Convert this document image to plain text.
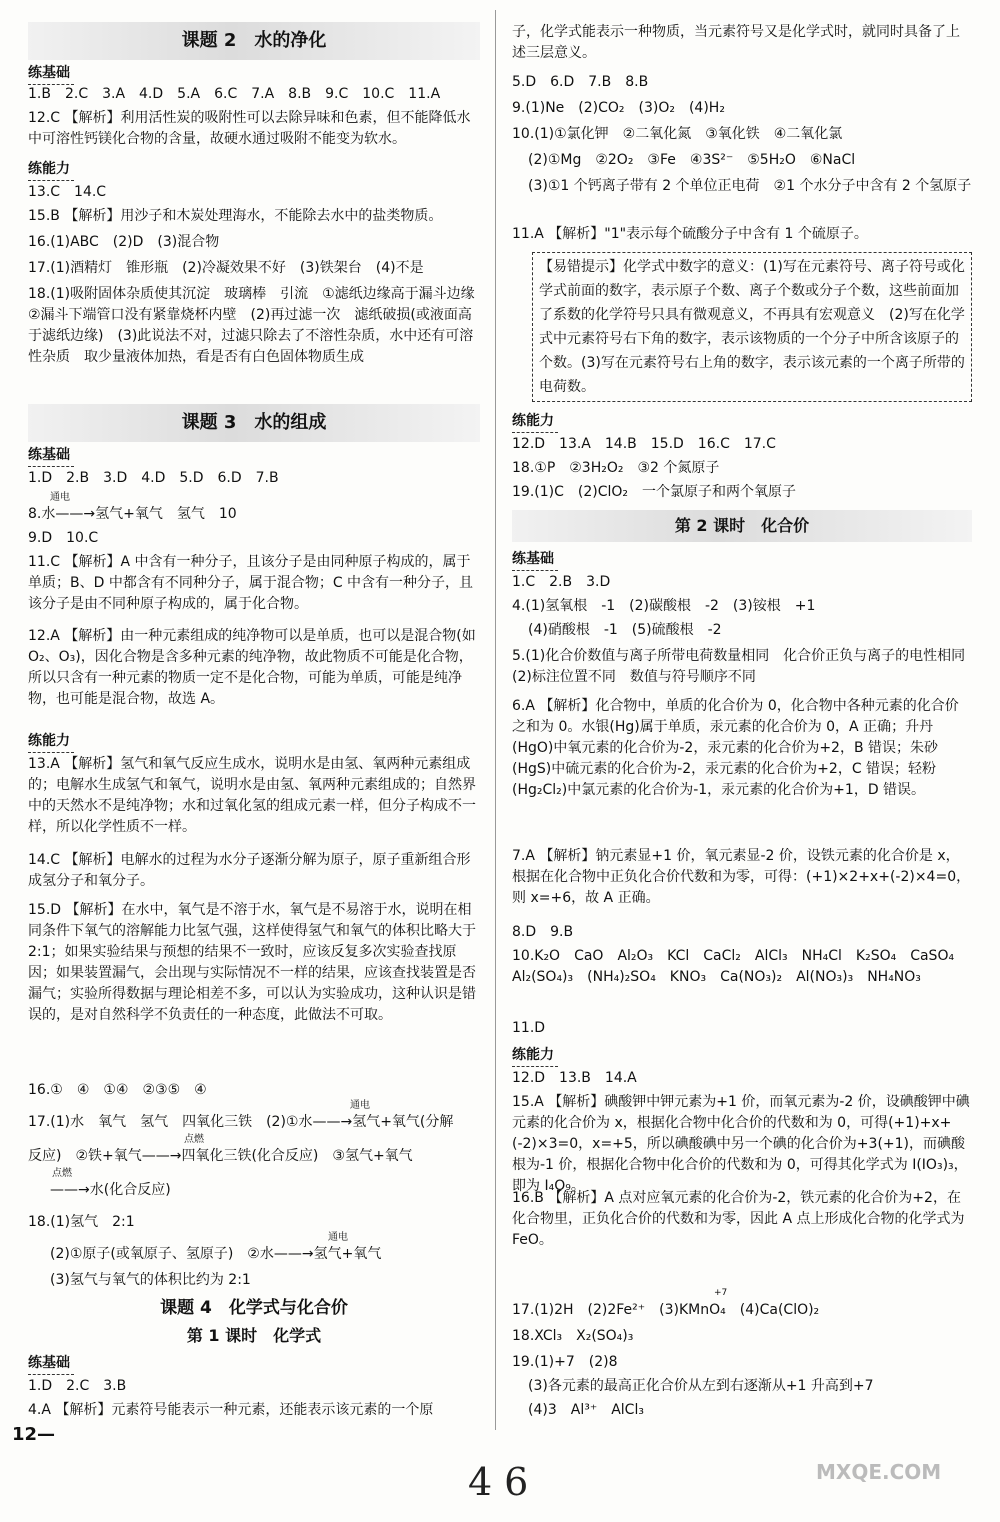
课题 2　水的净化
练基础
1.B　2.C　3.A　4.D　5.A　6.C　7.A　8.B　9.C　10.C　11.A
12.C 【解析】利用活性炭的吸附性可以去除异味和色素，但不能降低水中可溶性钙镁化合物的含量，故硬水通过吸附不能变为软水。
练能力
13.C　14.C
15.B 【解析】用沙子和木炭处理海水，不能除去水中的盐类物质。
16.(1)ABC　(2)D　(3)混合物
17.(1)酒精灯　锥形瓶　(2)冷凝效果不好　(3)铁架台　(4)不是
18.(1)吸附固体杂质使其沉淀　玻璃棒　引流　①滤纸边缘高于漏斗边缘　②漏斗下端管口没有紧靠烧杯内壁　(2)再过滤一次　滤纸破损(或液面高于滤纸边缘)　(3)此说法不对，过滤只除去了不溶性杂质，水中还有可溶性杂质　取少量液体加热，看是否有白色固体物质生成
课题 3　水的组成
练基础
1.D　2.B　3.D　4.D　5.D　6.D　7.B
8.水——→氢气+氧气　氢气　10
通电
9.D　10.C
11.C 【解析】A 中含有一种分子，且该分子是由同种原子构成的，属于单质；B、D 中都含有不同种分子，属于混合物；C 中含有一种分子，且该分子是由不同种原子构成的，属于化合物。
12.A 【解析】由一种元素组成的纯净物可以是单质，也可以是混合物(如 O₂、O₃)，因化合物是含多种元素的纯净物，故此物质不可能是化合物，所以只含有一种元素的物质一定不是化合物，可能为单质，可能是纯净物，也可能是混合物，故选 A。
练能力
13.A 【解析】氢气和氧气反应生成水，说明水是由氢、氧两种元素组成的；电解水生成氢气和氧气，说明水是由氢、氧两种元素组成的；自然界中的天然水不是纯净物；水和过氧化氢的组成元素一样，但分子构成不一样，所以化学性质不一样。
14.C 【解析】电解水的过程为水分子逐渐分解为原子，原子重新组合形成氢分子和氧分子。
15.D 【解析】在水中，氧气是不溶于水，氧气是不易溶于水，说明在相同条件下氧气的溶解能力比氢气强，这样使得氢气和氧气的体积比略大于 2:1；如果实验结果与预想的结果不一致时，应该反复多次实验查找原因；如果装置漏气，会出现与实际情况不一样的结果，应该查找装置是否漏气；实验所得数据与理论相差不多，可以认为实验成功，这种认识是错误的，是对自然科学不负责任的一种态度，此做法不可取。
16.①　④　①④　②③⑤　④
17.(1)水　氧气　氢气　四氧化三铁　(2)①水——→氢气+氧气(分解
通电
反应)　②铁+氧气——→四氧化三铁(化合反应)　③氢气+氧气
点燃
——→水(化合反应)
点燃
18.(1)氢气　2:1
(2)①原子(或氧原子、氢原子)　②水——→氢气+氧气
通电
(3)氢气与氧气的体积比约为 2:1
课题 4　化学式与化合价
第 1 课时　化学式
练基础
1.D　2.C　3.B
4.A 【解析】元素符号能表示一种元素，还能表示该元素的一个原
子，化学式能表示一种物质，当元素符号又是化学式时，就同时具备了上述三层意义。
5.D　6.D　7.B　8.B
9.(1)Ne　(2)CO₂　(3)O₂　(4)H₂
10.(1)①氯化钾　②二氧化氮　③氧化铁　④二氧化氯
(2)①Mg　②2O₂　③Fe　④3S²⁻　⑤5H₂O　⑥NaCl
(3)①1 个钙离子带有 2 个单位正电荷　②1 个水分子中含有 2 个氢原子
11.A 【解析】"1"表示每个硫酸分子中含有 1 个硫原子。
【易错提示】化学式中数字的意义：(1)写在元素符号、离子符号或化学式前面的数字，表示原子个数、离子个数或分子个数，这些前面加了系数的化学符号只具有微观意义，不再具有宏观意义　(2)写在化学式中元素符号右下角的数字，表示该物质的一个分子中所含该原子的个数。(3)写在元素符号右上角的数字，表示该元素的一个离子所带的电荷数。
练能力
12.D　13.A　14.B　15.D　16.C　17.C
18.①P　②3H₂O₂　③2 个氮原子
19.(1)C　(2)ClO₂　一个氯原子和两个氧原子
第 2 课时　化合价
练基础
1.C　2.B　3.D
4.(1)氢氧根　-1　(2)碳酸根　-2　(3)铵根　+1
(4)硝酸根　-1　(5)硫酸根　-2
5.(1)化合价数值与离子所带电荷数量相同　化合价正负与离子的电性相同　(2)标注位置不同　数值与符号顺序不同
6.A 【解析】化合物中，单质的化合价为 0，化合物中各种元素的化合价之和为 0。水银(Hg)属于单质，汞元素的化合价为 0，A 正确；升丹(HgO)中氧元素的化合价为-2，汞元素的化合价为+2，B 错误；朱砂(HgS)中硫元素的化合价为-2，汞元素的化合价为+2，C 错误；轻粉(Hg₂Cl₂)中氯元素的化合价为-1，汞元素的化合价为+1，D 错误。
7.A 【解析】钠元素显+1 价，氧元素显-2 价，设铁元素的化合价是 x，根据在化合物中正负化合价代数和为零，可得：(+1)×2+x+(-2)×4=0，则 x=+6，故 A 正确。
8.D　9.B
10.K₂O　CaO　Al₂O₃　KCl　CaCl₂　AlCl₃　NH₄Cl　K₂SO₄　CaSO₄　Al₂(SO₄)₃　(NH₄)₂SO₄　KNO₃　Ca(NO₃)₂　Al(NO₃)₃　NH₄NO₃
11.D
练能力
12.D　13.B　14.A
15.A 【解析】碘酸钾中钾元素为+1 价，而氧元素为-2 价，设碘酸钾中碘元素的化合价为 x，根据化合物中化合价的代数和为 0，可得(+1)+x+(-2)×3=0，x=+5，所以碘酸碘中另一个碘的化合价为+3(+1)，而碘酸根为-1 价，根据化合物中化合价的代数和为 0，可得其化学式为 I(IO₃)₃，即为 I₄O₉。
16.B 【解析】A 点对应氧元素的化合价为-2，铁元素的化合价为+2，在化合物里，正负化合价的代数和为零，因此 A 点上形成化合物的化学式为 FeO。
17.(1)2H　(2)2Fe²⁺　(3)KMnO₄　(4)Ca(ClO)₂
+7
18.XCl₃　X₂(SO₄)₃
19.(1)+7　(2)8
(3)各元素的最高正化合价从左到右逐渐从+1 升高到+7
(4)3　Al³⁺　AlCl₃
12—
46	MXQE.COM
